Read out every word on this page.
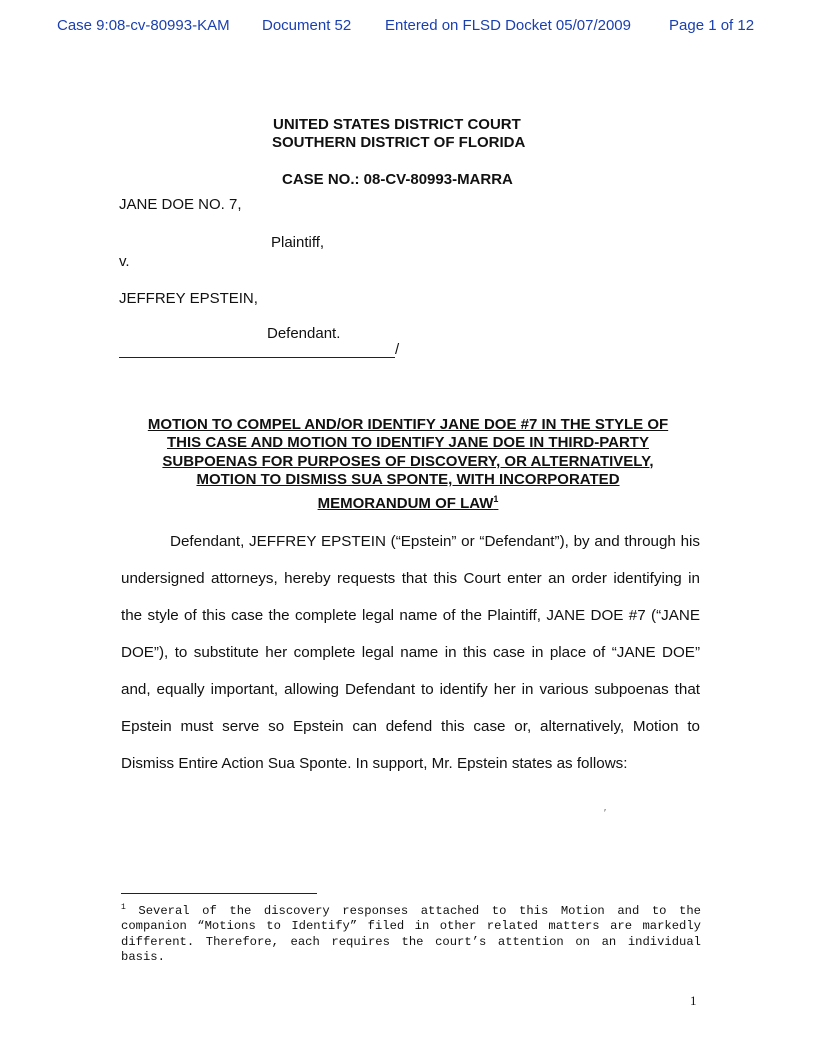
Case 9:08-cv-80993-KAM Document 52 Entered on FLSD Docket 05/07/2009	Page 1 of 12
UNITED STATES DISTRICT COURT
SOUTHERN DISTRICT OF FLORIDA
CASE NO.: 08-CV-80993-MARRA
JANE DOE NO. 7,
Plaintiff,
v.
JEFFREY EPSTEIN,
Defendant.
/
MOTION TO COMPEL AND/OR IDENTIFY JANE DOE #7 IN THE STYLE OF
THIS CASE AND MOTION TO IDENTIFY JANE DOE IN THIRD-PARTY
SUBPOENAS FOR PURPOSES OF DISCOVERY, OR ALTERNATIVELY,
MOTION TO DISMISS SUA SPONTE, WITH INCORPORATED
MEMORANDUM OF LAW$^1$

Defendant, JEFFREY EPSTEIN (“Epstein” or “Defendant”), by and through his undersigned attorneys, hereby requests that this Court enter an order identifying in the style of this case the complete legal name of the Plaintiff, JANE DOE #7 (“JANE DOE”), to substitute her complete legal name in this case in place of “JANE DOE” and, equally important, allowing Defendant to identify her in various subpoenas that Epstein must serve so Epstein can defend this case or, alternatively, Motion to Dismiss Entire Action Sua Sponte. In support, Mr. Epstein states as follows:

′
$^1$ Several of the discovery responses attached to this Motion and to the companion “Motions to Identify” filed in other related matters are markedly different. Therefore, each requires the court’s attention on an individual basis.
1
